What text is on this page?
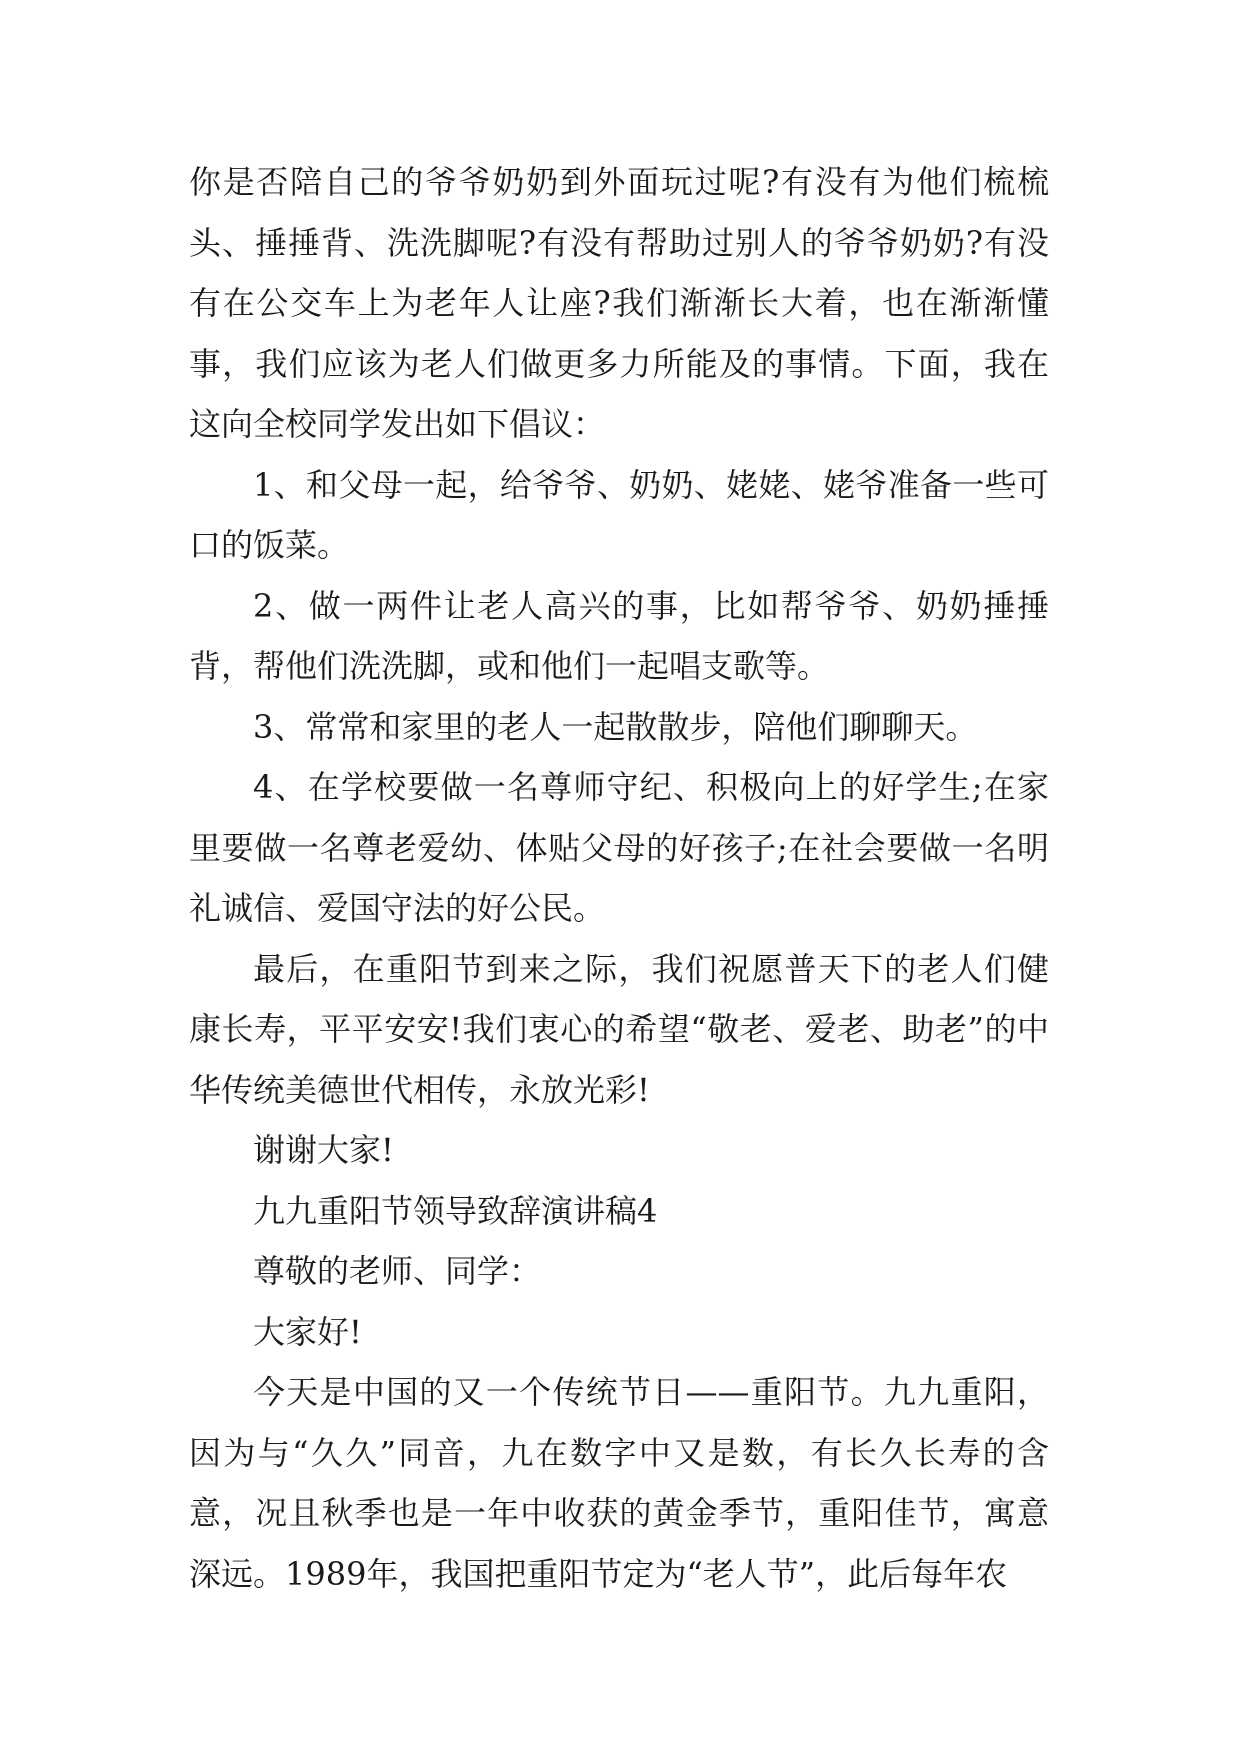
你是否陪自己的爷爷奶奶到外面玩过呢?有没有为他们梳梳头、捶捶背、洗洗脚呢?有没有帮助过别人的爷爷奶奶?有没有在公交车上为老年人让座?我们渐渐长大着，也在渐渐懂事，我们应该为老人们做更多力所能及的事情。下面，我在这向全校同学发出如下倡议：

1、和父母一起，给爷爷、奶奶、姥姥、姥爷准备一些可口的饭菜。

2、做一两件让老人高兴的事，比如帮爷爷、奶奶捶捶背，帮他们洗洗脚，或和他们一起唱支歌等。

3、常常和家里的老人一起散散步，陪他们聊聊天。

4、在学校要做一名尊师守纪、积极向上的好学生;在家里要做一名尊老爱幼、体贴父母的好孩子;在社会要做一名明礼诚信、爱国守法的好公民。

最后，在重阳节到来之际，我们祝愿普天下的老人们健康长寿，平平安安!我们衷心的希望“敬老、爱老、助老”的中华传统美德世代相传，永放光彩!

谢谢大家!

九九重阳节领导致辞演讲稿4

尊敬的老师、同学：

大家好!

今天是中国的又一个传统节日——重阳节。九九重阳，因为与“久久”同音，九在数字中又是数，有长久长寿的含意，况且秋季也是一年中收获的黄金季节，重阳佳节，寓意深远。1989年，我国把重阳节定为“老人节”，此后每年农
